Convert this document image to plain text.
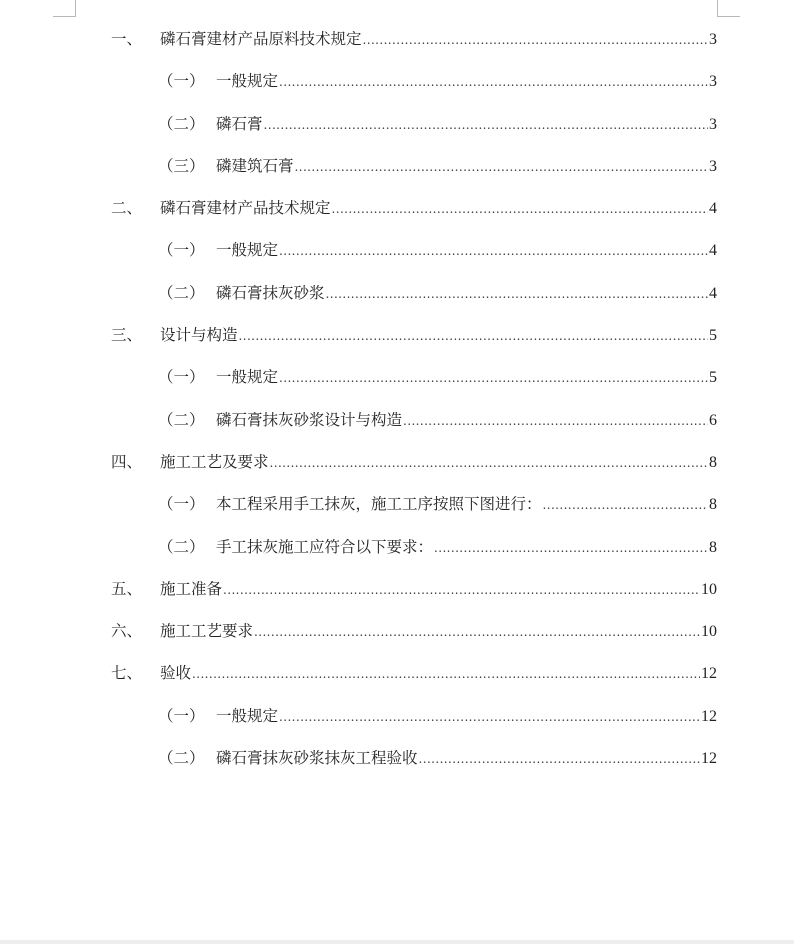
一、	磷石膏建材产品原料技术规定 .....	3
（一） 一般规定 .....	3
（二） 磷石膏 .....	3
（三） 磷建筑石膏 .....	3
二、	磷石膏建材产品技术规定 .....	4
（一） 一般规定 .....	4
（二） 磷石膏抹灰砂浆 .....	4
三、	设计与构造 .....	5
（一） 一般规定 .....	5
（二） 磷石膏抹灰砂浆设计与构造 .....	6
四、	施工工艺及要求 .....	8
（一） 本工程采用手工抹灰，施工工序按照下图进行： .....	8
（二） 手工抹灰施工应符合以下要求： .....	8
五、	施工准备 .....	10
六、	施工工艺要求 .....	10
七、	验收 .....	12
（一） 一般规定 .....	12
（二） 磷石膏抹灰砂浆抹灰工程验收 .....	12
